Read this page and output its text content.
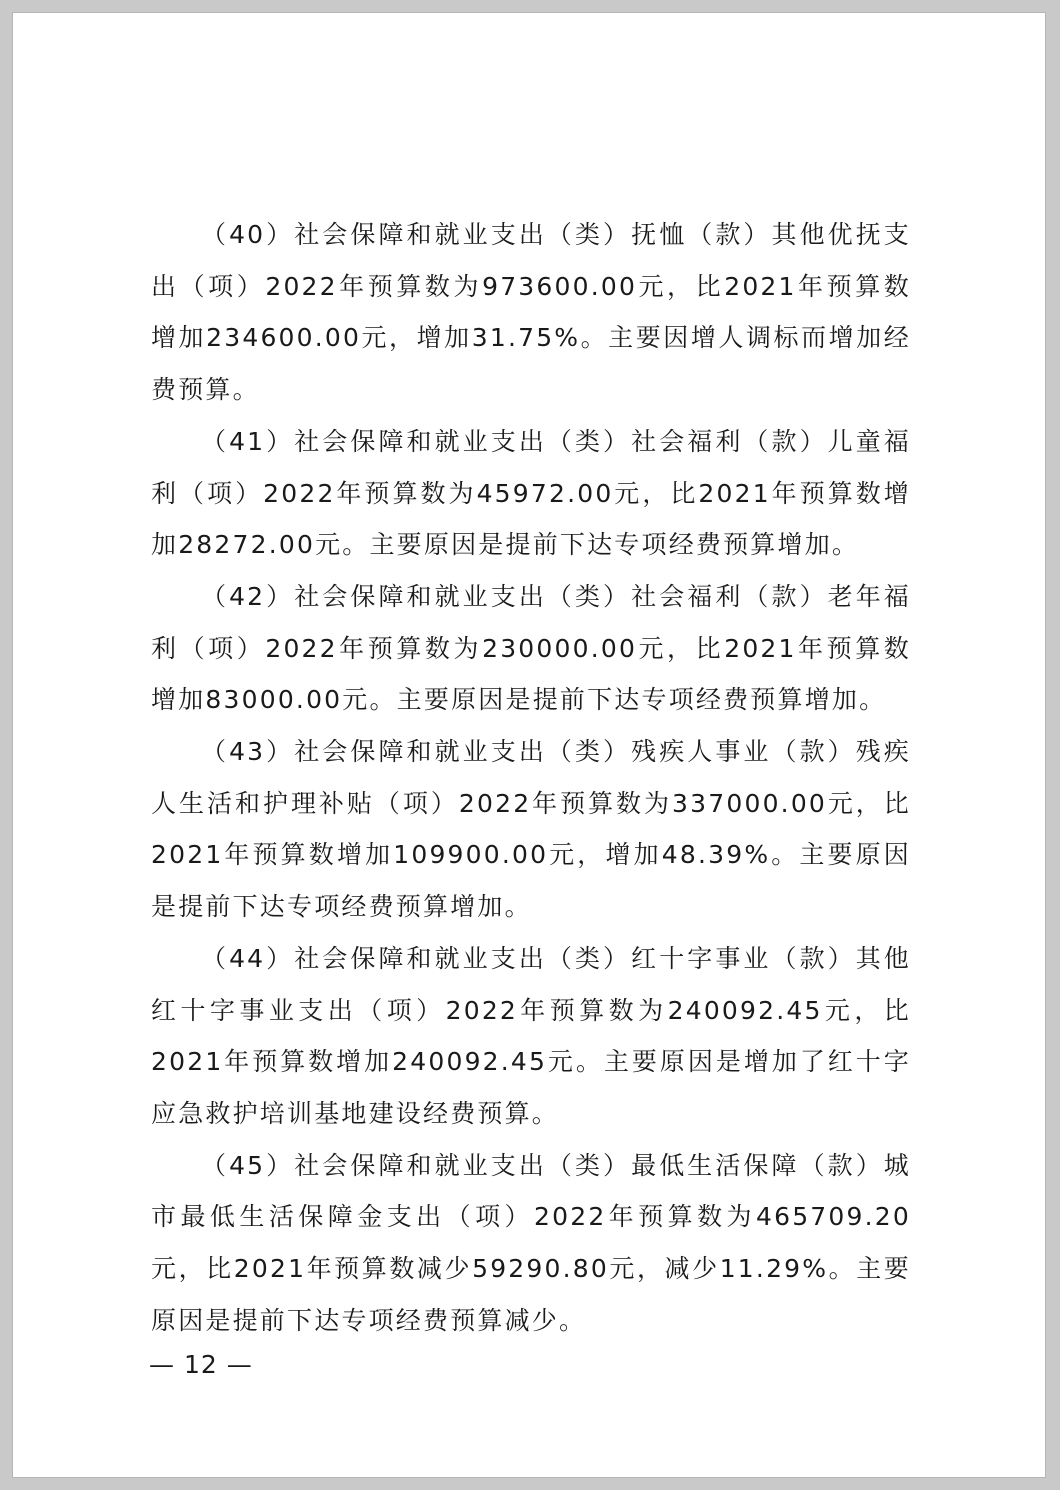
（40）社会保障和就业支出（类）抚恤（款）其他优抚支出（项）2022年预算数为973600.00元，比2021年预算数增加234600.00元，增加31.75%。主要因增人调标而增加经费预算。

（41）社会保障和就业支出（类）社会福利（款）儿童福利（项）2022年预算数为45972.00元，比2021年预算数增加28272.00元。主要原因是提前下达专项经费预算增加。

（42）社会保障和就业支出（类）社会福利（款）老年福利（项）2022年预算数为230000.00元，比2021年预算数增加83000.00元。主要原因是提前下达专项经费预算增加。

（43）社会保障和就业支出（类）残疾人事业（款）残疾人生活和护理补贴（项）2022年预算数为337000.00元，比2021年预算数增加109900.00元，增加48.39%。主要原因是提前下达专项经费预算增加。

（44）社会保障和就业支出（类）红十字事业（款）其他红十字事业支出（项）2022年预算数为240092.45元，比2021年预算数增加240092.45元。主要原因是增加了红十字应急救护培训基地建设经费预算。

（45）社会保障和就业支出（类）最低生活保障（款）城市最低生活保障金支出（项）2022年预算数为465709.20元，比2021年预算数减少59290.80元，减少11.29%。主要原因是提前下达专项经费预算减少。

— 12 —
